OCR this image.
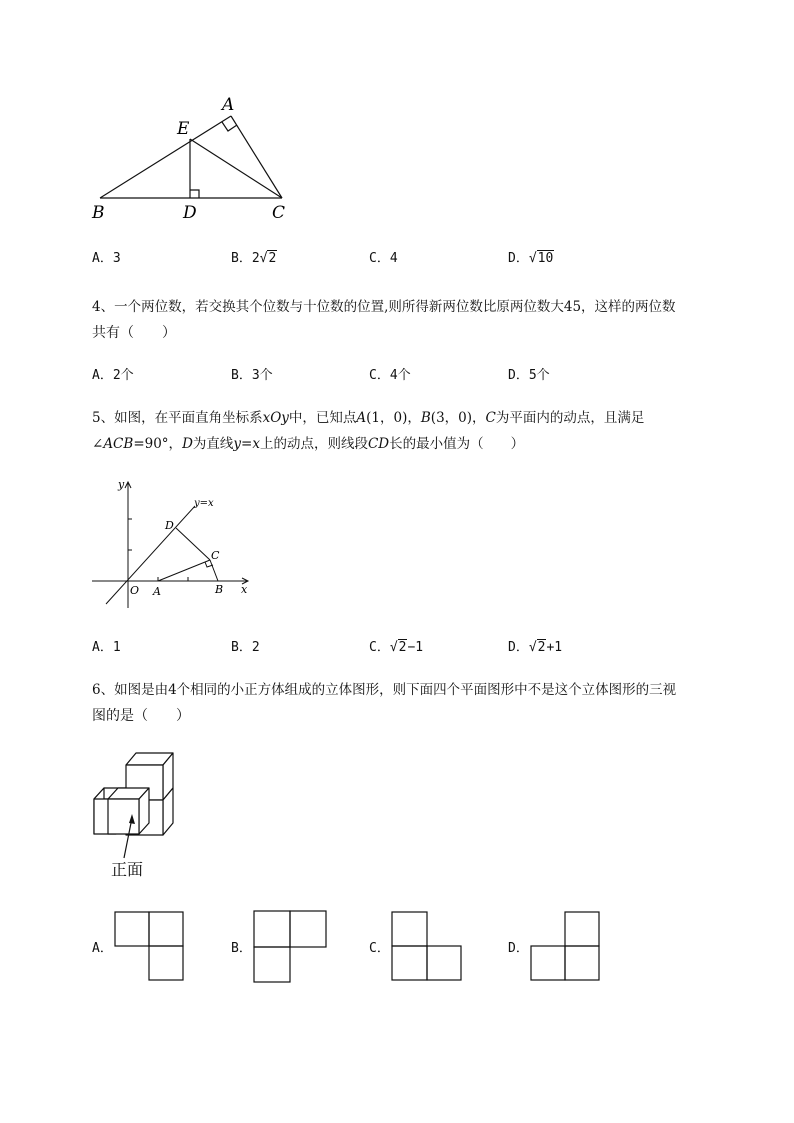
A
E
B	D	C
A．3	B．2√2	C．4	D．√10
4、一个两位数，若交换其个位数与十位数的位置,则所得新两位数比原两位数大45，这样的两位数
共有（　　）
A．2个	B．3个	C．4个	D．5个
5、如图，在平面直角坐标系xOy中，已知点A(1，0)，B(3，0)，C为平面内的动点，且满足
∠ACB=90°，D为直线y=x上的动点，则线段CD长的最小值为（　　）
y
y=x
D
C
x
O A	B
A．1	B．2	C．√2−1	D．√2+1
6、如图是由4个相同的小正方体组成的立体图形，则下面四个平面图形中不是这个立体图形的三视
图的是（　　）
正面
A．	B．	C．	D．
